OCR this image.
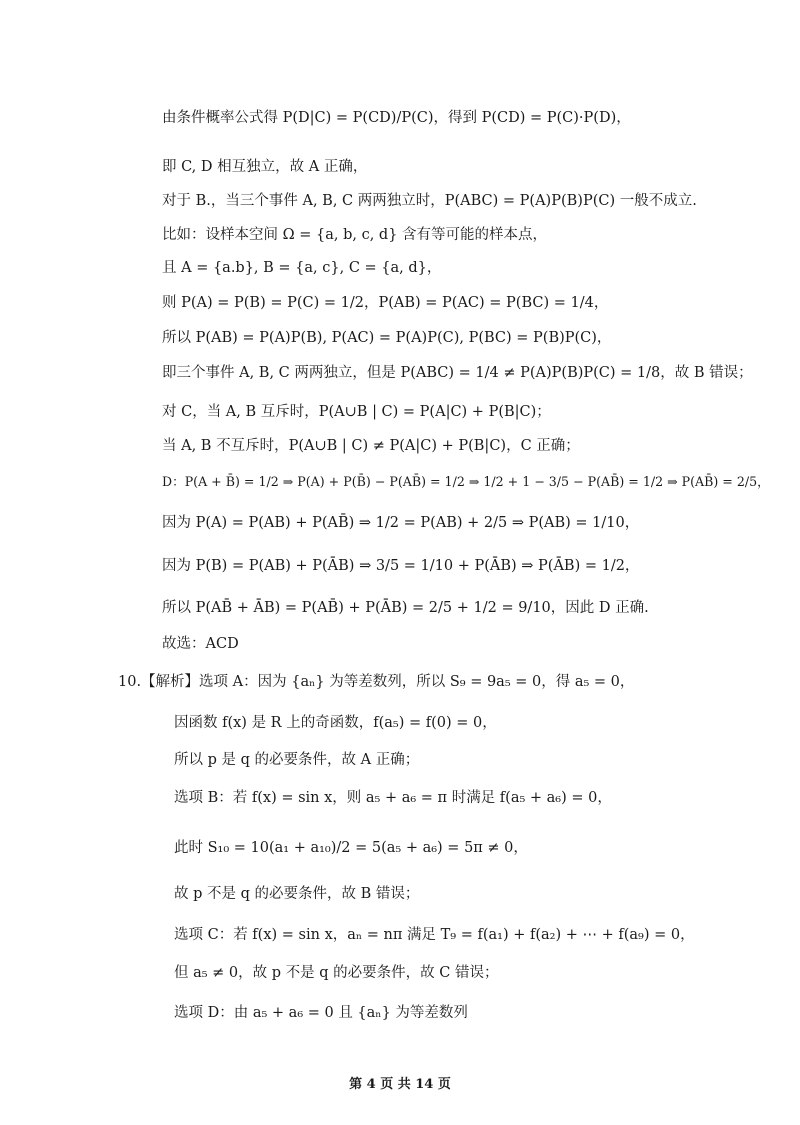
由条件概率公式得 P(D|C) = P(CD)/P(C)，得到 P(CD) = P(C)·P(D)，
即 C, D 相互独立，故 A 正确，
对于 B.，当三个事件 A, B, C 两两独立时，P(ABC) = P(A)P(B)P(C) 一般不成立.
比如：设样本空间 Ω = {a, b, c, d} 含有等可能的样本点，
且 A = {a.b}, B = {a, c}, C = {a, d}，
则 P(A) = P(B) = P(C) = 1/2，P(AB) = P(AC) = P(BC) = 1/4，
所以 P(AB) = P(A)P(B), P(AC) = P(A)P(C), P(BC) = P(B)P(C)，
即三个事件 A, B, C 两两独立，但是 P(ABC) = 1/4 ≠ P(A)P(B)P(C) = 1/8，故 B 错误；
对 C，当 A, B 互斥时，P(A∪B | C) = P(A|C) + P(B|C)；
当 A, B 不互斥时，P(A∪B | C) ≠ P(A|C) + P(B|C)，C 正确；
D：P(A + B̄) = 1/2 ⇒ P(A) + P(B̄) − P(AB̄) = 1/2 ⇒ 1/2 + 1 − 3/5 − P(AB̄) = 1/2 ⇒ P(AB̄) = 2/5，
因为 P(A) = P(AB) + P(AB̄) ⇒ 1/2 = P(AB) + 2/5 ⇒ P(AB) = 1/10，
因为 P(B) = P(AB) + P(ĀB) ⇒ 3/5 = 1/10 + P(ĀB) ⇒ P(ĀB) = 1/2，
所以 P(AB̄ + ĀB) = P(AB̄) + P(ĀB) = 2/5 + 1/2 = 9/10，因此 D 正确.
故选：ACD
10.【解析】选项 A：因为 {aₙ} 为等差数列，所以 S₉ = 9a₅ = 0，得 a₅ = 0，
因函数 f(x) 是 R 上的奇函数，f(a₅) = f(0) = 0，
所以 p 是 q 的必要条件，故 A 正确；
选项 B：若 f(x) = sin x，则 a₅ + a₆ = π 时满足 f(a₅ + a₆) = 0，
此时 S₁₀ = 10(a₁ + a₁₀)/2 = 5(a₅ + a₆) = 5π ≠ 0，
故 p 不是 q 的必要条件，故 B 错误；
选项 C：若 f(x) = sin x，aₙ = nπ 满足 T₉ = f(a₁) + f(a₂) + ⋯ + f(a₉) = 0，
但 a₅ ≠ 0，故 p 不是 q 的必要条件，故 C 错误；
选项 D：由 a₅ + a₆ = 0 且 {aₙ} 为等差数列
第 4 页 共 14 页
